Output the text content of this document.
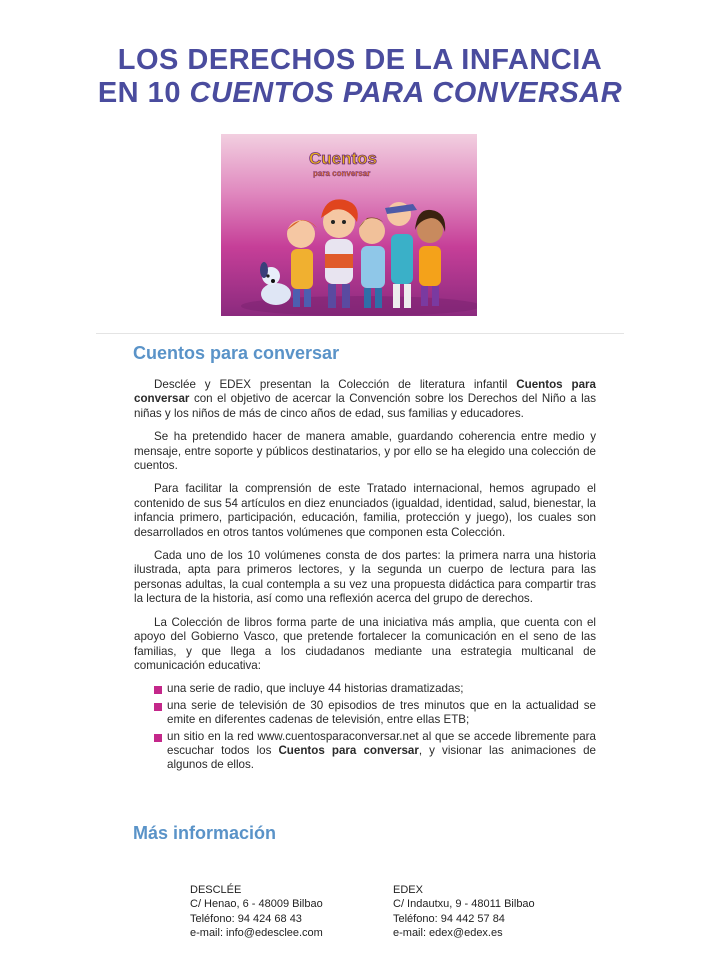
LOS DERECHOS DE LA INFANCIA
EN 10 CUENTOS PARA CONVERSAR
Cuentos
para conversar
Cuentos para conversar

Desclée y EDEX presentan la Colección de literatura infantil Cuentos para conversar con el objetivo de acercar la Convención sobre los Derechos del Niño a las niñas y los niños de más de cinco años de edad, sus familias y educadores.

Se ha pretendido hacer de manera amable, guardando coherencia entre medio y mensaje, entre soporte y públicos destinatarios, y por ello se ha elegido una colección de cuentos.

Para facilitar la comprensión de este Tratado internacional, hemos agrupado el contenido de sus 54 artículos en diez enunciados (igualdad, identidad, salud, bienestar, la infancia primero, participación, educación, familia, protección y juego), los cuales son desarrollados en otros tantos volúmenes que componen esta Colección.

Cada uno de los 10 volúmenes consta de dos partes: la primera narra una historia ilustrada, apta para primeros lectores, y la segunda un cuerpo de lectura para las personas adultas, la cual contempla a su vez una propuesta didáctica para compartir tras la lectura de la historia, así como una reflexión acerca del grupo de derechos.

La Colección de libros forma parte de una iniciativa más amplia, que cuenta con el apoyo del Gobierno Vasco, que pretende fortalecer la comunicación en el seno de las familias, y que llega a los ciudadanos mediante una estrategia multicanal de comunicación educativa:

una serie de radio, que incluye 44 historias dramatizadas;
una serie de televisión de 30 episodios de tres minutos que en la actualidad se emite en diferentes cadenas de televisión, entre ellas ETB;
un sitio en la red www.cuentosparaconversar.net al que se accede libremente para escuchar todos los Cuentos para conversar, y visionar las animaciones de algunos de ellos.
Más información
DESCLÉE
C/ Henao, 6 - 48009 Bilbao
Teléfono: 94 424 68 43
e-mail: info@edesclee.com
EDEX
C/ Indautxu, 9 - 48011 Bilbao
Teléfono: 94 442 57 84
e-mail: edex@edex.es
